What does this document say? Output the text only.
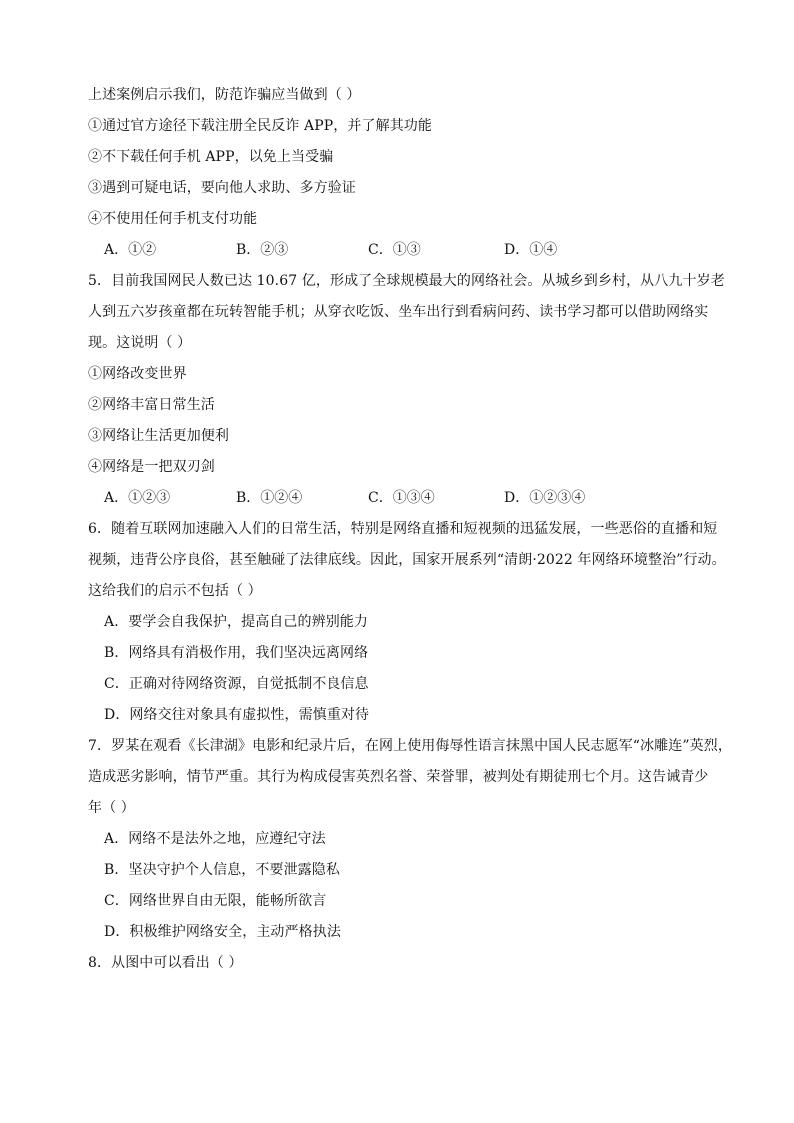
上述案例启示我们，防范诈骗应当做到（ ）
①通过官方途径下载注册全民反诈 APP，并了解其功能
②不下载任何手机 APP，以免上当受骗
③遇到可疑电话，要向他人求助、多方验证
④不使用任何手机支付功能
A．①②	B．②③	C．①③	D．①④
5．目前我国网民人数已达 10.67 亿，形成了全球规模最大的网络社会。从城乡到乡村，从八九十岁老
人到五六岁孩童都在玩转智能手机；从穿衣吃饭、坐车出行到看病问药、读书学习都可以借助网络实
现。这说明（ ）
①网络改变世界
②网络丰富日常生活
③网络让生活更加便利
④网络是一把双刃剑
A．①②③	B．①②④	C．①③④	D．①②③④
6．随着互联网加速融入人们的日常生活，特别是网络直播和短视频的迅猛发展，一些恶俗的直播和短
视频，违背公序良俗，甚至触碰了法律底线。因此，国家开展系列“清朗·2022 年网络环境整治”行动。
这给我们的启示不包括（ ）
A．要学会自我保护，提高自己的辨别能力
B．网络具有消极作用，我们坚决远离网络
C．正确对待网络资源，自觉抵制不良信息
D．网络交往对象具有虚拟性，需慎重对待
7．罗某在观看《长津湖》电影和纪录片后，在网上使用侮辱性语言抹黑中国人民志愿军“冰雕连”英烈，
造成恶劣影响，情节严重。其行为构成侵害英烈名誉、荣誉罪，被判处有期徒刑七个月。这告诫青少
年（ ）
A．网络不是法外之地，应遵纪守法
B．坚决守护个人信息，不要泄露隐私
C．网络世界自由无限，能畅所欲言
D．积极维护网络安全，主动严格执法
8．从图中可以看出（ ）
